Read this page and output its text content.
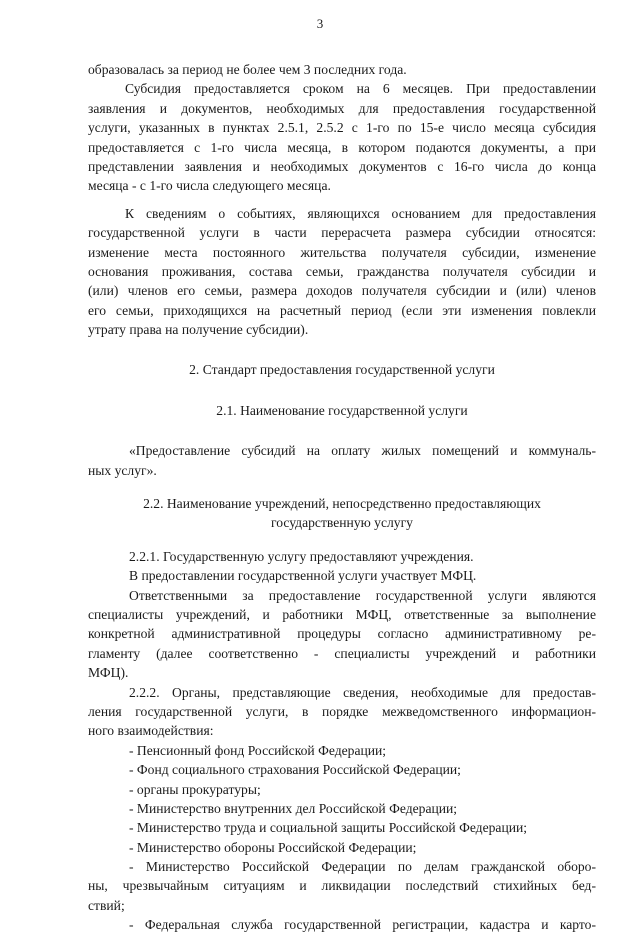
3
образовалась за период не более чем 3 последних года.
Субсидия предоставляется сроком на 6 месяцев. При предоставлении
заявления и документов, необходимых для предоставления государственной
услуги, указанных в пунктах 2.5.1, 2.5.2 с 1-го по 15-е число месяца субсидия
предоставляется с 1-го числа месяца, в котором подаются документы, а при
представлении заявления и необходимых документов с 16-го числа до конца
месяца - с 1-го числа следующего месяца.
К сведениям о событиях, являющихся основанием для предоставления
государственной услуги в части перерасчета размера субсидии относятся:
изменение места постоянного жительства получателя субсидии, изменение
основания проживания, состава семьи, гражданства получателя субсидии и
(или) членов его семьи, размера доходов получателя субсидии и (или) членов
его семьи, приходящихся на расчетный период (если эти изменения повлекли
утрату права на получение субсидии).
2. Стандарт предоставления государственной услуги
2.1. Наименование государственной услуги
«Предоставление субсидий на оплату жилых помещений и коммуналь-
ных услуг».
2.2. Наименование учреждений, непосредственно предоставляющих
государственную услугу
2.2.1. Государственную услугу предоставляют учреждения.
В предоставлении государственной услуги участвует МФЦ.
Ответственными за предоставление государственной услуги являются
специалисты учреждений, и работники МФЦ, ответственные за выполнение
конкретной административной процедуры согласно административному ре-
гламенту (далее соответственно - специалисты учреждений и работники
МФЦ).
2.2.2. Органы, представляющие сведения, необходимые для предостав-
ления государственной услуги, в порядке межведомственного информацион-
ного взаимодействия:
- Пенсионный фонд Российской Федерации;
- Фонд социального страхования Российской Федерации;
- органы прокуратуры;
- Министерство внутренних дел Российской Федерации;
- Министерство труда и социальной защиты Российской Федерации;
- Министерство обороны Российской Федерации;
- Министерство Российской Федерации по делам гражданской оборо-
ны, чрезвычайным ситуациям и ликвидации последствий стихийных бед-
ствий;
- Федеральная служба государственной регистрации, кадастра и карто-
